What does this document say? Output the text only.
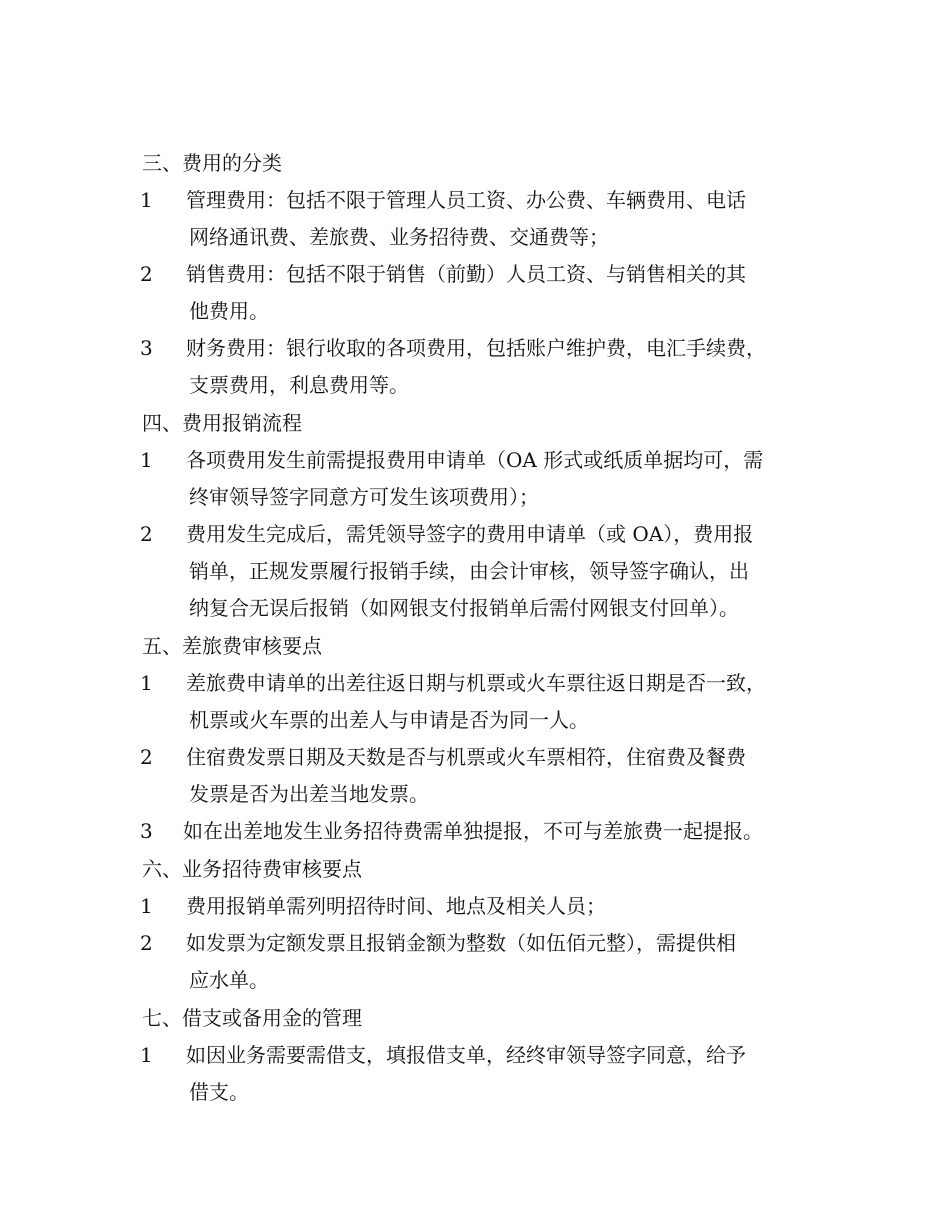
三、费用的分类
1	管理费用：包括不限于管理人员工资、办公费、车辆费用、电话
网络通讯费、差旅费、业务招待费、交通费等；
2	销售费用：包括不限于销售（前勤）人员工资、与销售相关的其
他费用。
3	财务费用：银行收取的各项费用，包括账户维护费，电汇手续费，
支票费用，利息费用等。
四、费用报销流程
1	各项费用发生前需提报费用申请单（OA 形式或纸质单据均可，需
终审领导签字同意方可发生该项费用）；
2	费用发生完成后，需凭领导签字的费用申请单（或 OA），费用报
销单，正规发票履行报销手续，由会计审核，领导签字确认，出
纳复合无误后报销（如网银支付报销单后需付网银支付回单）。
五、差旅费审核要点
1	差旅费申请单的出差往返日期与机票或火车票往返日期是否一致，
机票或火车票的出差人与申请是否为同一人。
2	住宿费发票日期及天数是否与机票或火车票相符，住宿费及餐费
发票是否为出差当地发票。
3	如在出差地发生业务招待费需单独提报，不可与差旅费一起提报。
六、业务招待费审核要点
1	费用报销单需列明招待时间、地点及相关人员；
2	如发票为定额发票且报销金额为整数（如伍佰元整），需提供相
应水单。
七、借支或备用金的管理
1	如因业务需要需借支，填报借支单，经终审领导签字同意，给予
借支。
